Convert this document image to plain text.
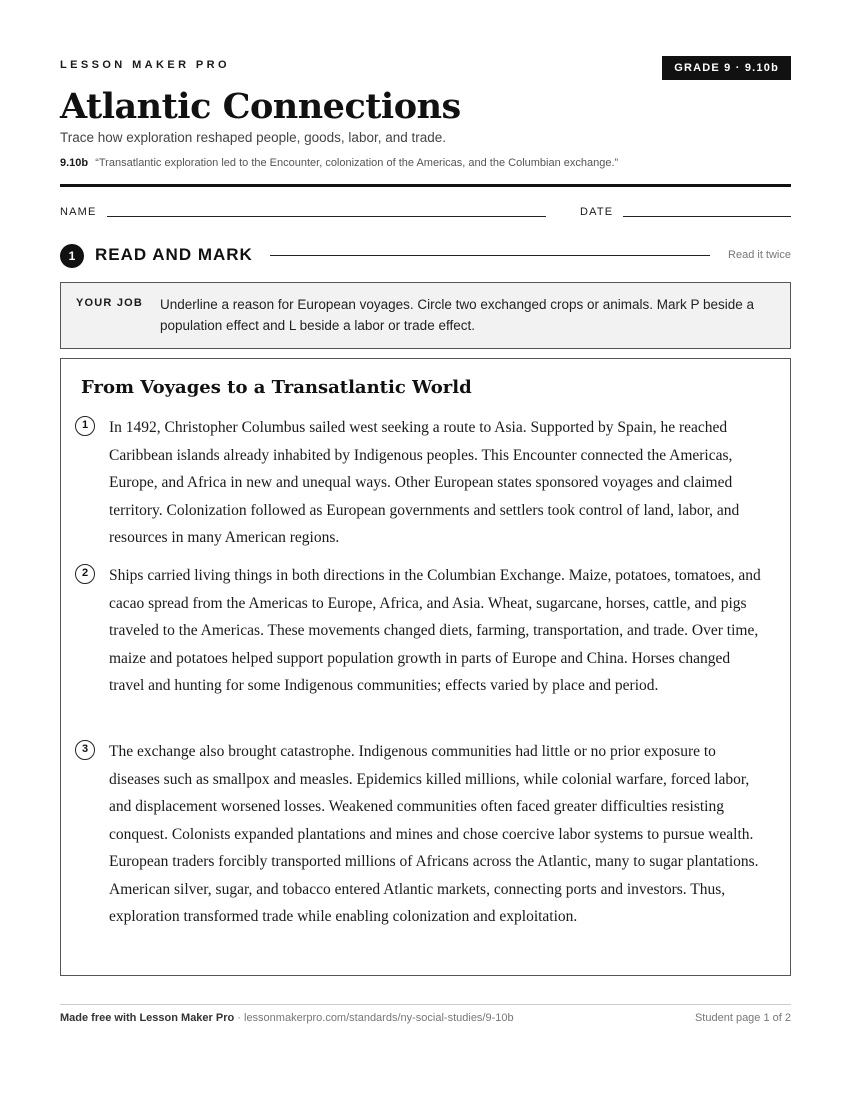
LESSON MAKER PRO	GRADE 9 · 9.10b
Atlantic Connections
Trace how exploration reshaped people, goods, labor, and trade.
9.10b “Transatlantic exploration led to the Encounter, colonization of the Americas, and the Columbian exchange.”
NAME	DATE
1	READ AND MARK	Read it twice
YOUR JOB Underline a reason for European voyages. Circle two exchanged crops or animals. Mark P beside a population effect and L beside a labor or trade effect.
From Voyages to a Transatlantic World
1	In 1492, Christopher Columbus sailed west seeking a route to Asia. Supported by Spain, he reached Caribbean islands already inhabited by Indigenous peoples. This Encounter connected the Americas, Europe, and Africa in new and unequal ways. Other European states sponsored voyages and claimed territory. Colonization followed as European governments and settlers took control of land, labor, and resources in many American regions.

2	Ships carried living things in both directions in the Columbian Exchange. Maize, potatoes, tomatoes, and cacao spread from the Americas to Europe, Africa, and Asia. Wheat, sugarcane, horses, cattle, and pigs traveled to the Americas. These movements changed diets, farming, transportation, and trade. Over time, maize and potatoes helped support population growth in parts of Europe and China. Horses changed travel and hunting for some Indigenous communities; effects varied by place and period.

3	The exchange also brought catastrophe. Indigenous communities had little or no prior exposure to diseases such as smallpox and measles. Epidemics killed millions, while colonial warfare, forced labor, and displacement worsened losses. Weakened communities often faced greater difficulties resisting conquest. Colonists expanded plantations and mines and chose coercive labor systems to pursue wealth. European traders forcibly transported millions of Africans across the Atlantic, many to sugar plantations. American silver, sugar, and tobacco entered Atlantic markets, connecting ports and investors. Thus, exploration transformed trade while enabling colonization and exploitation.

Made free with Lesson Maker Pro · lessonmakerpro.com/standards/ny-social-studies/9-10b	Student page 1 of 2
